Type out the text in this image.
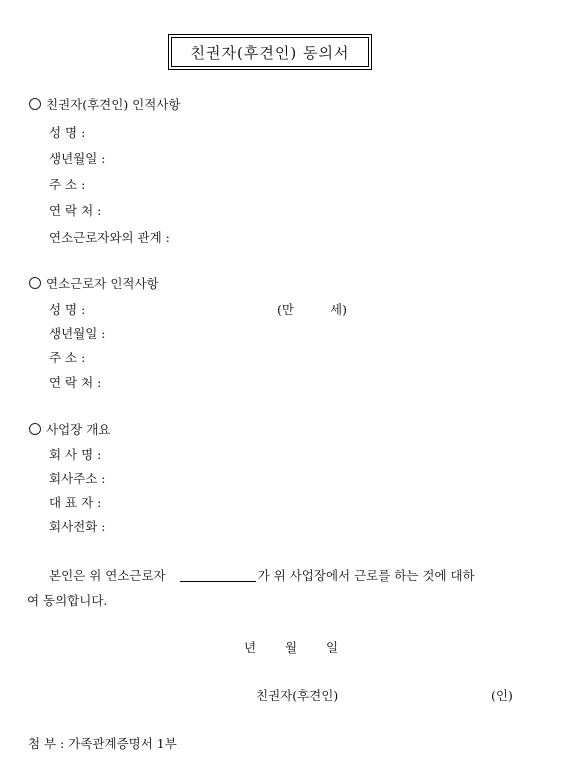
친권자(후견인) 동의서
친권자(후견인) 인적사항
성 명 :
생년월일 :
주 소 :
연 락 처 :
연소근로자와의 관계 :
연소근로자 인적사항
성 명 :	(만	세)
생년월일 :
주 소 :
연 락 처 :
사업장 개요
회 사 명 :
회사주소 :
대 표 자 :
회사전화 :
본인은 위 연소근로자	가 위 사업장에서 근로를 하는 것에 대하
여 동의합니다.
년 월 일
친권자(후견인)	(인)
첨 부 : 가족관계증명서 1부
